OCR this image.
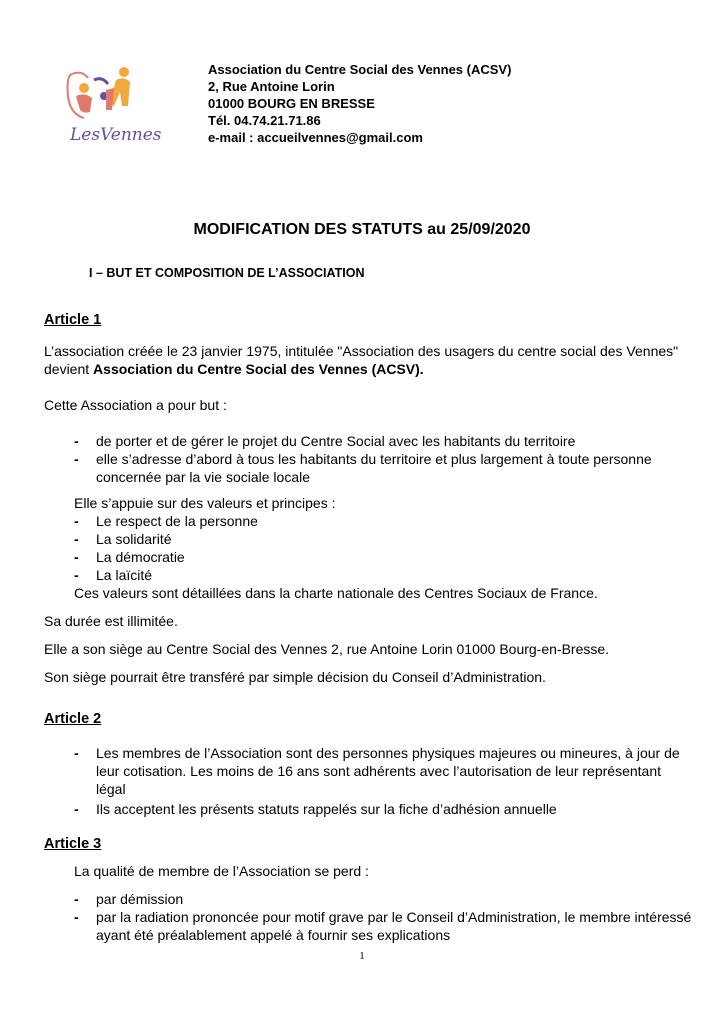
LesVennes
Association du Centre Social des Vennes (ACSV)
2, Rue Antoine Lorin
01000 BOURG EN BRESSE
Tél. 04.74.21.71.86
e-mail : accueilvennes@gmail.com
MODIFICATION DES STATUTS au 25/09/2020
I – BUT ET COMPOSITION DE L’ASSOCIATION
Article 1
L’association créée le 23 janvier 1975, intitulée "Association des usagers du centre social des Vennes" devient Association du Centre Social des Vennes (ACSV).
Cette Association a pour but :
- de porter et de gérer le projet du Centre Social avec les habitants du territoire
- elle s’adresse d’abord à tous les habitants du territoire et plus largement à toute personne concernée par la vie sociale locale
Elle s’appuie sur des valeurs et principes :
- Le respect de la personne
- La solidarité
- La démocratie
- La laïcité
Ces valeurs sont détaillées dans la charte nationale des Centres Sociaux de France.
Sa durée est illimitée.
Elle a son siège au Centre Social des Vennes 2, rue Antoine Lorin 01000 Bourg-en-Bresse.
Son siège pourrait être transféré par simple décision du Conseil d’Administration.
Article 2
- Les membres de l’Association sont des personnes physiques majeures ou mineures, à jour de leur cotisation. Les moins de 16 ans sont adhérents avec l’autorisation de leur représentant légal
- Ils acceptent les présents statuts rappelés sur la fiche d’adhésion annuelle
Article 3
La qualité de membre de l’Association se perd :
- par démission
- par la radiation prononcée pour motif grave par le Conseil d’Administration, le membre intéressé ayant été préalablement appelé à fournir ses explications
1
